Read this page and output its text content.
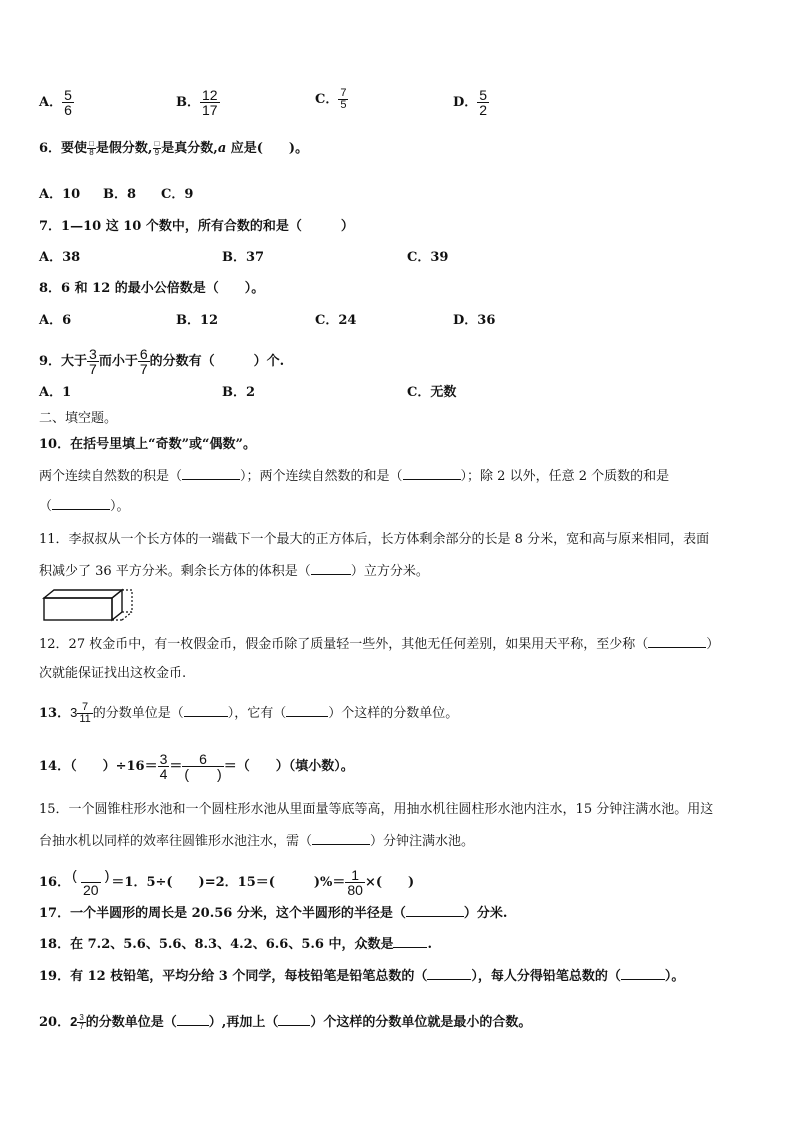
A． $\frac{5}{6}$	B． $\frac{12}{17}$	C． $\frac{7}{5}$	D． $\frac{5}{2}$
6．要使 $\frac{□}{8}$ 是假分数, $\frac{□}{9}$ 是真分数,a 应是(　　)。
A．10 B．8 C．9
7．1—10 这 10 个数中，所有合数的和是（　　　）
A．38	B．37	C．39
8．6 和 12 的最小公倍数是（　　）。
A．6	B．12	C．24	D．36
9．大于 $\frac{3}{7}$ 而小于 $\frac{6}{7}$ 的分数有（　　　）个.
A．1	B．2	C．无数
二、填空题。
10．在括号里填上“奇数”或“偶数”。
两个连续自然数的积是（	）；两个连续自然数的和是（	）；除 2 以外，任意 2 个质数的和是
（	）。
11．李叔叔从一个长方体的一端截下一个最大的正方体后，长方体剩余部分的长是 8 分米，宽和高与原来相同，表面
积减少了 36 平方分米。剩余长方体的体积是（	）立方分米。
12．27 枚金币中，有一枚假金币，假金币除了质量轻一些外，其他无任何差别，如果用天平称，至少称（	）
次就能保证找出这枚金币.
13．$3 \frac{7}{11}$ 的分数单位是（	），它有（	）个这样的分数单位。
14．（　　）$\div 16= \frac{3}{4} = \frac{6}{( )}$ ＝（　　）（填小数）。
15．一个圆锥柱形水池和一个圆柱形水池从里面量等底等高，用抽水机往圆柱形水池内注水，15 分钟注满水池。用这
台抽水机以同样的效率往圆锥形水池注水，需（	）分钟注满水池。
16． $\frac{( )}{20} =1$．5÷(　　)=2．15＝(　　　)%＝ $\frac{1}{80}$ ×(　　)
17．一个半圆形的周长是 20.56 分米，这个半圆形的半径是（	）分米.
18．在 7.2、5.6、5.6、8.3、4.2、6.6、5.6 中，众数是	.
19．有 12 枝铅笔，平均分给 3 个同学，每枝铅笔是铅笔总数的（	），每人分得铅笔总数的（	）。
20．$2 \frac{3}{7}$ 的分数单位是（ ）,再加上（ ）个这样的分数单位就是最小的合数。
